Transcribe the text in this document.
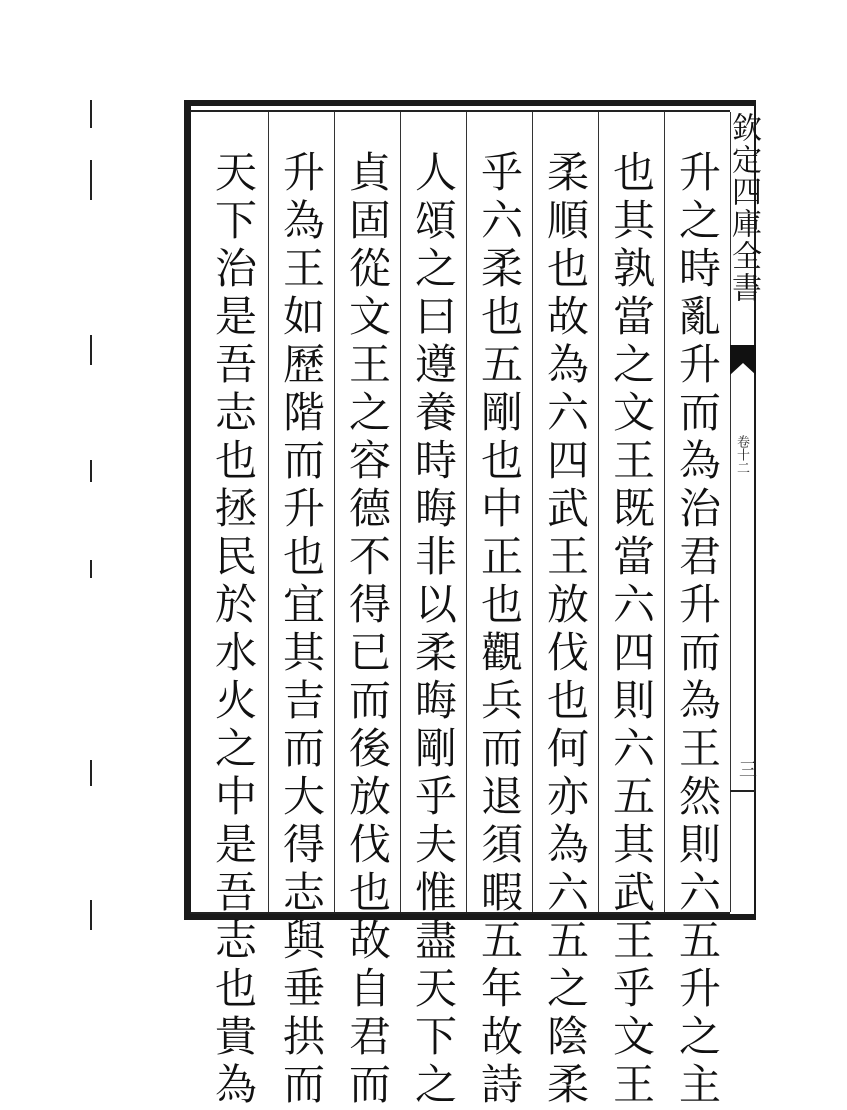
升之時亂升而為治君升而為王然則六五升之主
也其孰當之文王既當六四則六五其武王乎文王
柔順也故為六四武王放伐也何亦為六五之陰柔
乎六柔也五剛也中正也觀兵而退須暇五年故詩
人頌之曰遵養時晦非以柔晦剛乎夫惟盡天下之
貞固從文王之容德不得已而後放伐也故自君而
升為王如歷階而升也宜其吉而大得志與垂拱而
天下治是吾志也拯民於水火之中是吾志也貴為	欽定四庫全書
卷十二
三
